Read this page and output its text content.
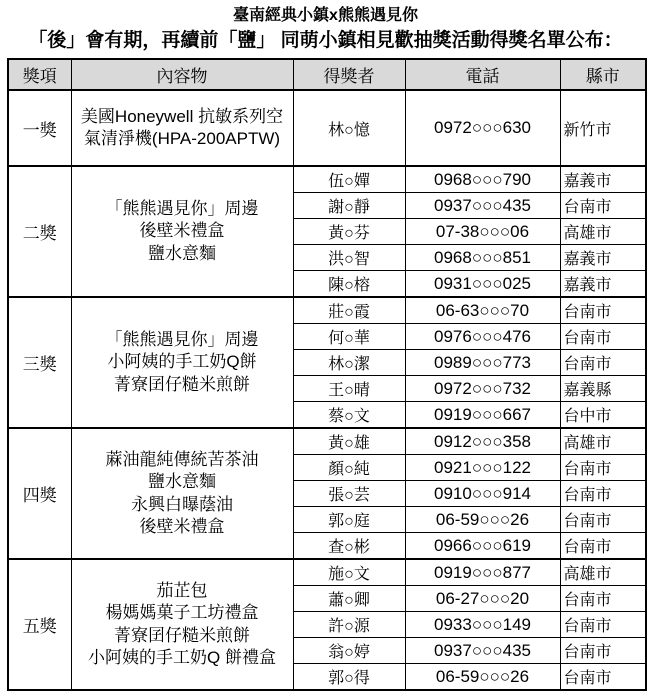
臺南經典小鎮x熊熊遇見你
「後」會有期，再續前「鹽」 同萌小鎮相見歡抽獎活動得獎名單公布：
獎項	內容物	得獎者	電話	縣市
一獎	美國Honeywell 抗敏系列空氣清淨機(HPA-200APTW)	林○憶	0972○○○630	新竹市
二獎	「熊熊遇見你」周邊
後壁米禮盒
鹽水意麵	伍○嬋	0968○○○790	嘉義市
		謝○靜	0937○○○435	台南市
		黃○芬	07-38○○○06	高雄市
		洪○智	0968○○○851	嘉義市
		陳○榕	0931○○○025	嘉義市
三獎	「熊熊遇見你」周邊
小阿姨的手工奶Q餅
菁寮囝仔糙米煎餅	莊○霞	06-63○○○70	台南市
		何○華	0976○○○476	台南市
		林○潔	0989○○○773	台南市
		王○晴	0972○○○732	嘉義縣
		蔡○文	0919○○○667	台中市
四獎	蔴油龍純傳統苦茶油
鹽水意麵
永興白曝蔭油
後壁米禮盒	黃○雄	0912○○○358	高雄市
		顏○純	0921○○○122	台南市
		張○芸	0910○○○914	台南市
		郭○庭	06-59○○○26	台南市
		查○彬	0966○○○619	台南市
五獎	茄芷包
楊媽媽菓子工坊禮盒
菁寮囝仔糙米煎餅
小阿姨的手工奶Q 餅禮盒	施○文	0919○○○877	高雄市
		蕭○卿	06-27○○○20	台南市
		許○源	0933○○○149	台南市
		翁○婷	0937○○○435	台南市
		郭○得	06-59○○○26	台南市
